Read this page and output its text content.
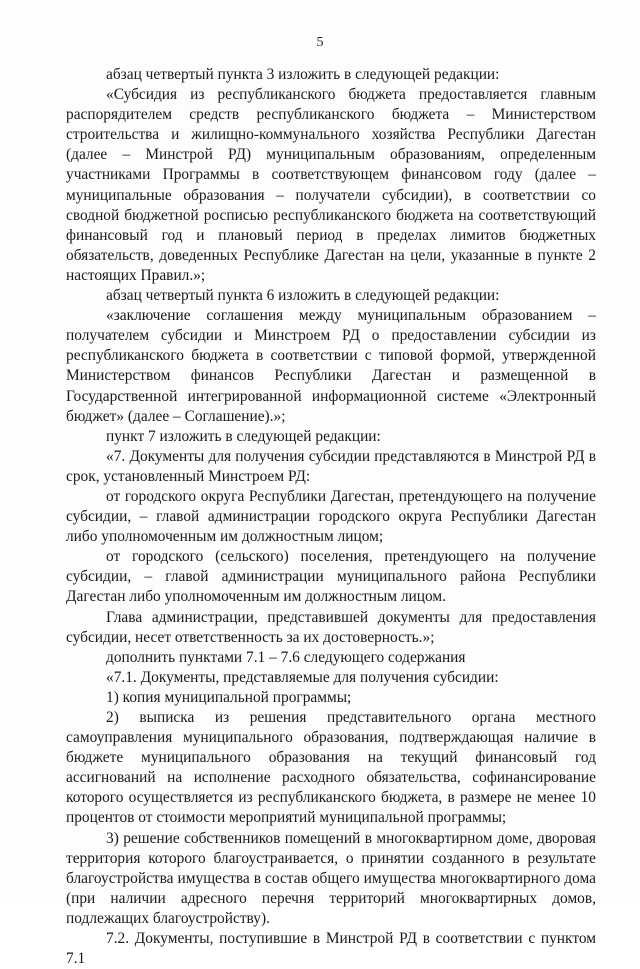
5

абзац четвертый пункта 3 изложить в следующей редакции:

«Субсидия из республиканского бюджета предоставляется главным распорядителем средств республиканского бюджета – Министерством строительства и жилищно-коммунального хозяйства Республики Дагестан (далее – Минстрой РД) муниципальным образованиям, определенным участниками Программы в соответствующем финансовом году (далее – муниципальные образования – получатели субсидии), в соответствии со сводной бюджетной росписью республиканского бюджета на соответствующий финансовый год и плановый период в пределах лимитов бюджетных обязательств, доведенных Республике Дагестан на цели, указанные в пункте 2 настоящих Правил.»;

абзац четвертый пункта 6 изложить в следующей редакции:

«заключение соглашения между муниципальным образованием – получателем субсидии и Минстроем РД о предоставлении субсидии из республиканского бюджета в соответствии с типовой формой, утвержденной Министерством финансов Республики Дагестан и размещенной в Государственной интегрированной информационной системе «Электронный бюджет» (далее – Соглашение).»;

пункт 7 изложить в следующей редакции:

«7. Документы для получения субсидии представляются в Минстрой РД в срок, установленный Минстроем РД:

от городского округа Республики Дагестан, претендующего на получение субсидии, – главой администрации городского округа Республики Дагестан либо уполномоченным им должностным лицом;

от городского (сельского) поселения, претендующего на получение субсидии, – главой администрации муниципального района Республики Дагестан либо уполномоченным им должностным лицом.

Глава администрации, представившей документы для предоставления субсидии, несет ответственность за их достоверность.»;

дополнить пунктами 7.1 – 7.6 следующего содержания

«7.1. Документы, представляемые для получения субсидии:

1) копия муниципальной программы;

2) выписка из решения представительного органа местного самоуправления муниципального образования, подтверждающая наличие в бюджете муниципального образования на текущий финансовый год ассигнований на исполнение расходного обязательства, софинансирование которого осуществляется из республиканского бюджета, в размере не менее 10 процентов от стоимости мероприятий муниципальной программы;

3) решение собственников помещений в многоквартирном доме, дворовая территория которого благоустраивается, о принятии созданного в результате благоустройства имущества в состав общего имущества многоквартирного дома (при наличии адресного перечня территорий многоквартирных домов, подлежащих благоустройству).

7.2. Документы, поступившие в Минстрой РД в соответствии с пунктом 7.1
